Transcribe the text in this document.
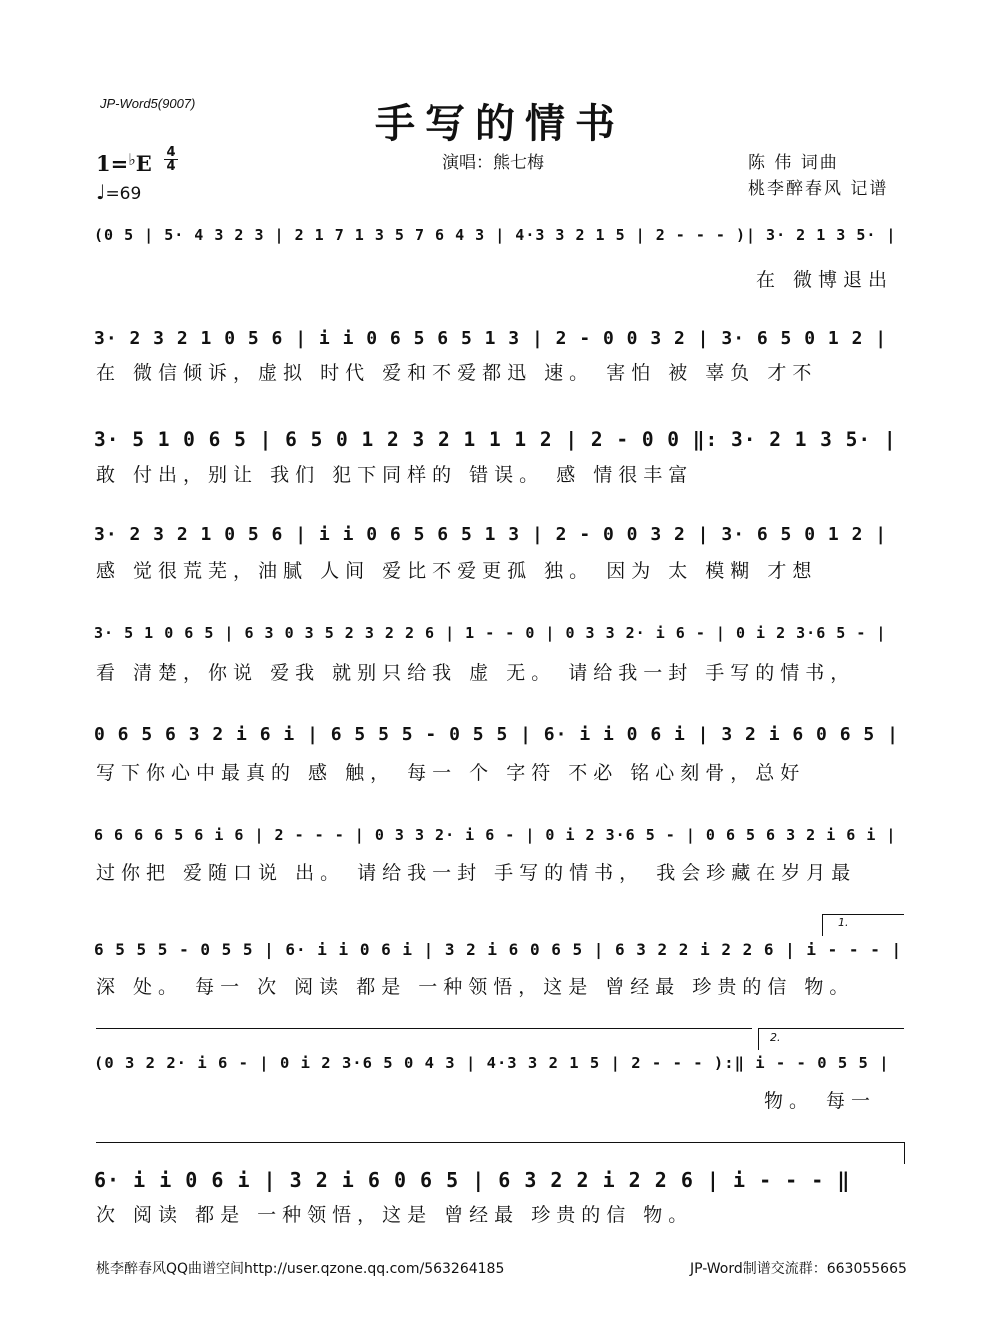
JP-Word5(9007)	手写的情书
$1=^♭E \frac{4}{4}$
♩=69
演唱：熊七梅	陈 伟 词曲
桃李醉春风 记谱
(0 5 | 5· 4 3 2 3 | 2 1 7 1 3 5 7 6 4 3 | 4·3 3 2 1 5 | 2 - - - )| 3· 2 1 3 5· |
在 微博退出
3· 2 3 2 1 0 5 6 | i i 0 6 5 6 5 1 3 | 2 - 0 0 3 2 | 3· 6 5 0 1 2 |
在 微信倾诉，虚拟 时代 爱和不爱都迅 速。 害怕 被 辜负 才不
3· 5 1 0 6 5 | 6 5 0 1 2 3 2 1 1 1 2 | 2 - 0 0 ‖: 3· 2 1 3 5· |
敢 付出，别让 我们 犯下同样的 错误。 感 情很丰富
3· 2 3 2 1 0 5 6 | i i 0 6 5 6 5 1 3 | 2 - 0 0 3 2 | 3· 6 5 0 1 2 |
感 觉很荒芜，油腻 人间 爱比不爱更孤 独。 因为 太 模糊 才想
3· 5 1 0 6 5 | 6 3 0 3 5 2 3 2 2 6 | 1 - - 0 | 0 3 3 2· i 6 - | 0 i 2 3·6 5 - |
看 清楚，你说 爱我 就别只给我 虚 无。 请给我一封 手写的情书，
0 6 5 6 3 2 i 6 i | 6 5 5 5 - 0 5 5 | 6· i i 0 6 i | 3 2 i 6 0 6 5 |
写下你心中最真的 感 触， 每一 个 字符 不必 铭心刻骨，总好
6 6 6 6 5 6 i 6 | 2 - - - | 0 3 3 2· i 6 - | 0 i 2 3·6 5 - | 0 6 5 6 3 2 i 6 i |
过你把 爱随口说 出。 请给我一封 手写的情书， 我会珍藏在岁月最
1.
6 5 5 5 - 0 5 5 | 6· i i 0 6 i | 3 2 i 6 0 6 5 | 6 3 2 2 i 2 2 6 | i - - - |
深 处。 每一 次 阅读 都是 一种领悟，这是 曾经最 珍贵的信 物。
2.
(0 3 2 2· i 6 - | 0 i 2 3·6 5 0 4 3 | 4·3 3 2 1 5 | 2 - - - ):‖ i - - 0 5 5 |
物。 每一
6· i i 0 6 i | 3 2 i 6 0 6 5 | 6 3 2 2 i 2 2 6 | i - - - ‖
次 阅读 都是 一种领悟，这是 曾经最 珍贵的信 物。
桃李醉春风QQ曲谱空间http://user.qzone.qq.com/563264185	JP-Word制谱交流群：663055665
